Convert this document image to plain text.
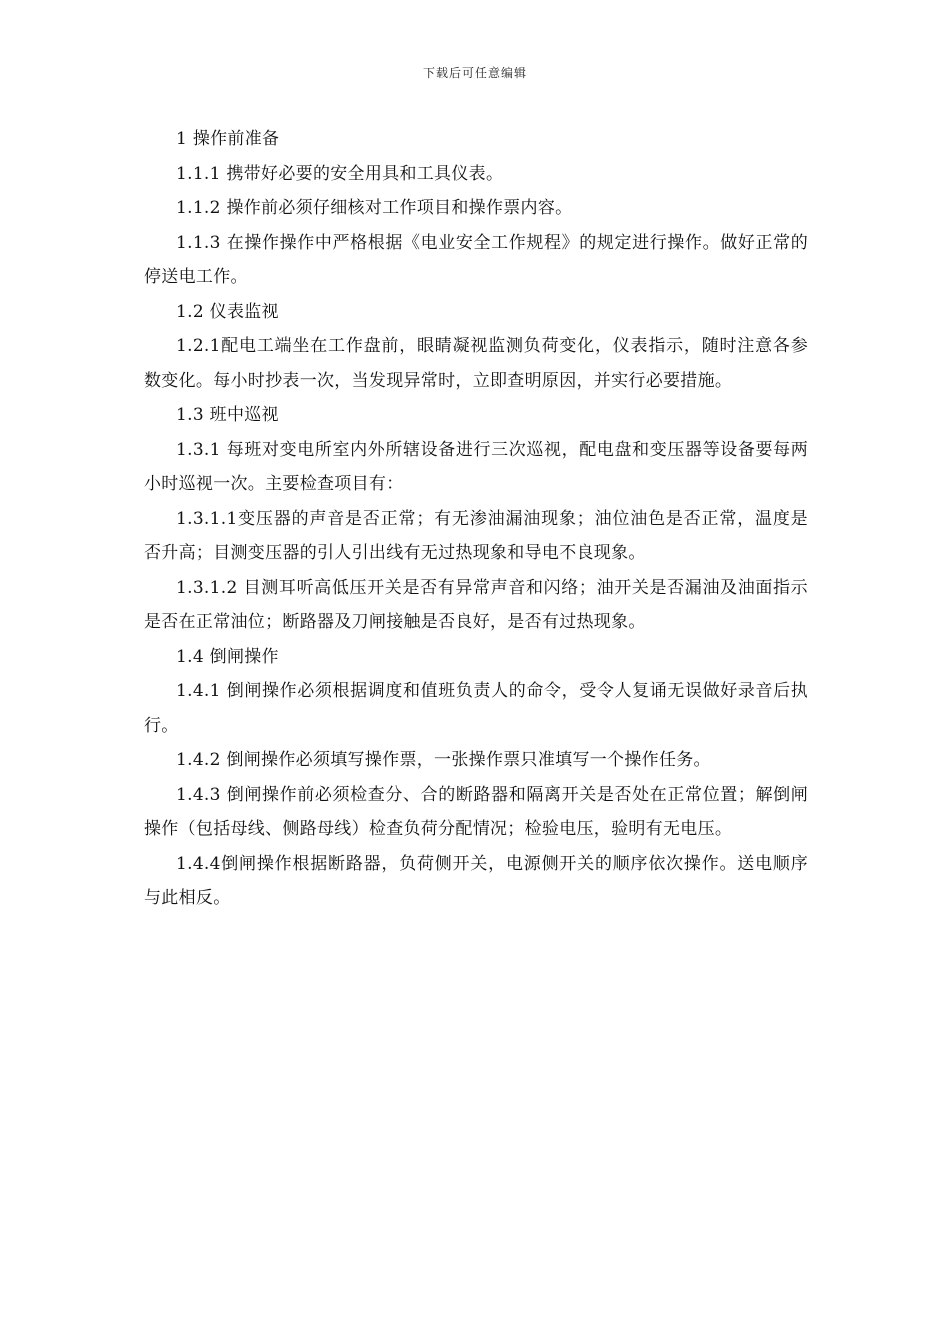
下载后可任意编辑

1 操作前准备

1.1.1 携带好必要的安全用具和工具仪表。

1.1.2 操作前必须仔细核对工作项目和操作票内容。

1.1.3 在操作操作中严格根据《电业安全工作规程》的规定进行操作。做好正常的停送电工作。

1.2 仪表监视

1.2.1配电工端坐在工作盘前，眼睛凝视监测负荷变化，仪表指示，随时注意各参数变化。每小时抄表一次，当发现异常时，立即查明原因，并实行必要措施。

1.3 班中巡视

1.3.1 每班对变电所室内外所辖设备进行三次巡视，配电盘和变压器等设备要每两小时巡视一次。主要检查项目有：

1.3.1.1变压器的声音是否正常；有无渗油漏油现象；油位油色是否正常，温度是否升高；目测变压器的引人引出线有无过热现象和导电不良现象。

1.3.1.2 目测耳听高低压开关是否有异常声音和闪络；油开关是否漏油及油面指示是否在正常油位；断路器及刀闸接触是否良好，是否有过热现象。

1.4 倒闸操作

1.4.1 倒闸操作必须根据调度和值班负责人的命令，受令人复诵无误做好录音后执行。

1.4.2 倒闸操作必须填写操作票，一张操作票只准填写一个操作任务。

1.4.3 倒闸操作前必须检查分、合的断路器和隔离开关是否处在正常位置；解倒闸操作（包括母线、侧路母线）检查负荷分配情况；检验电压，验明有无电压。

1.4.4倒闸操作根据断路器，负荷侧开关，电源侧开关的顺序依次操作。送电顺序与此相反。
